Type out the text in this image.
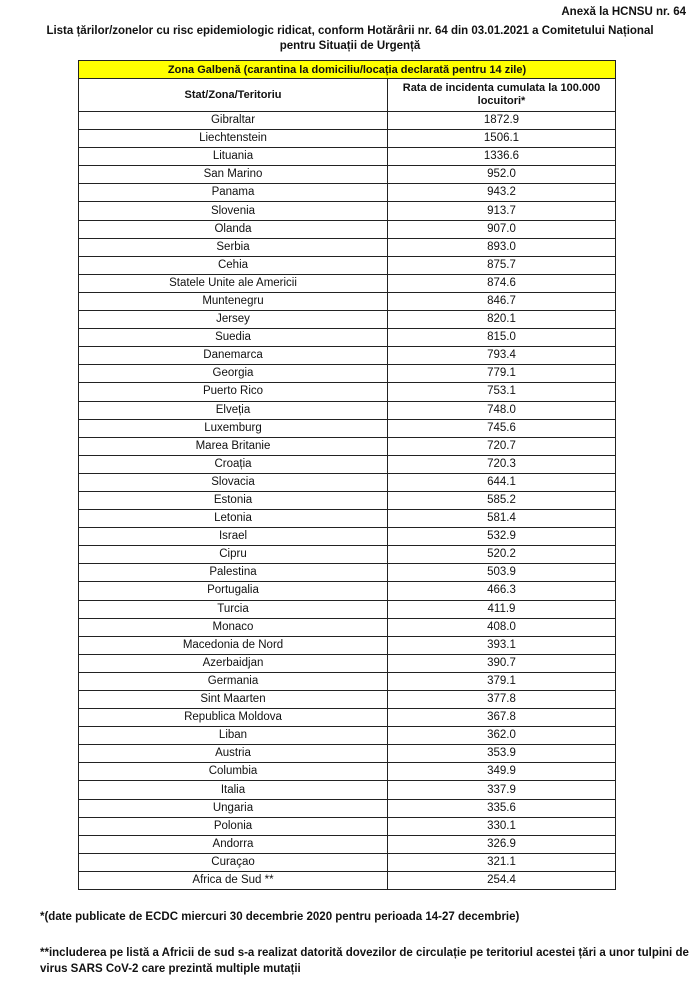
Anexă la HCNSU nr. 64
Lista țărilor/zonelor cu risc epidemiologic ridicat, conform Hotărârii nr. 64 din 03.01.2021 a Comitetului Național
pentru Situații de Urgență
Zona Galbenă (carantina la domiciliu/locația declarată pentru 14 zile)	
Stat/Zona/Teritoriu	Rata de incidenta cumulata la 100.000 locuitori*
Gibraltar	1872.9
Liechtenstein	1506.1
Lituania	1336.6
San Marino	952.0
Panama	943.2
Slovenia	913.7
Olanda	907.0
Serbia	893.0
Cehia	875.7
Statele Unite ale Americii	874.6
Muntenegru	846.7
Jersey	820.1
Suedia	815.0
Danemarca	793.4
Georgia	779.1
Puerto Rico	753.1
Elveția	748.0
Luxemburg	745.6
Marea Britanie	720.7
Croația	720.3
Slovacia	644.1
Estonia	585.2
Letonia	581.4
Israel	532.9
Cipru	520.2
Palestina	503.9
Portugalia	466.3
Turcia	411.9
Monaco	408.0
Macedonia de Nord	393.1
Azerbaidjan	390.7
Germania	379.1
Sint Maarten	377.8
Republica Moldova	367.8
Liban	362.0
Austria	353.9
Columbia	349.9
Italia	337.9
Ungaria	335.6
Polonia	330.1
Andorra	326.9
Curaçao	321.1
Africa de Sud **	254.4
*(date publicate de ECDC miercuri 30 decembrie 2020 pentru perioada 14-27 decembrie)
**includerea pe listă a Africii de sud s-a realizat datorită dovezilor de circulație pe teritoriul acestei țări a unor tulpini de virus SARS CoV-2 care prezintă multiple mutații
